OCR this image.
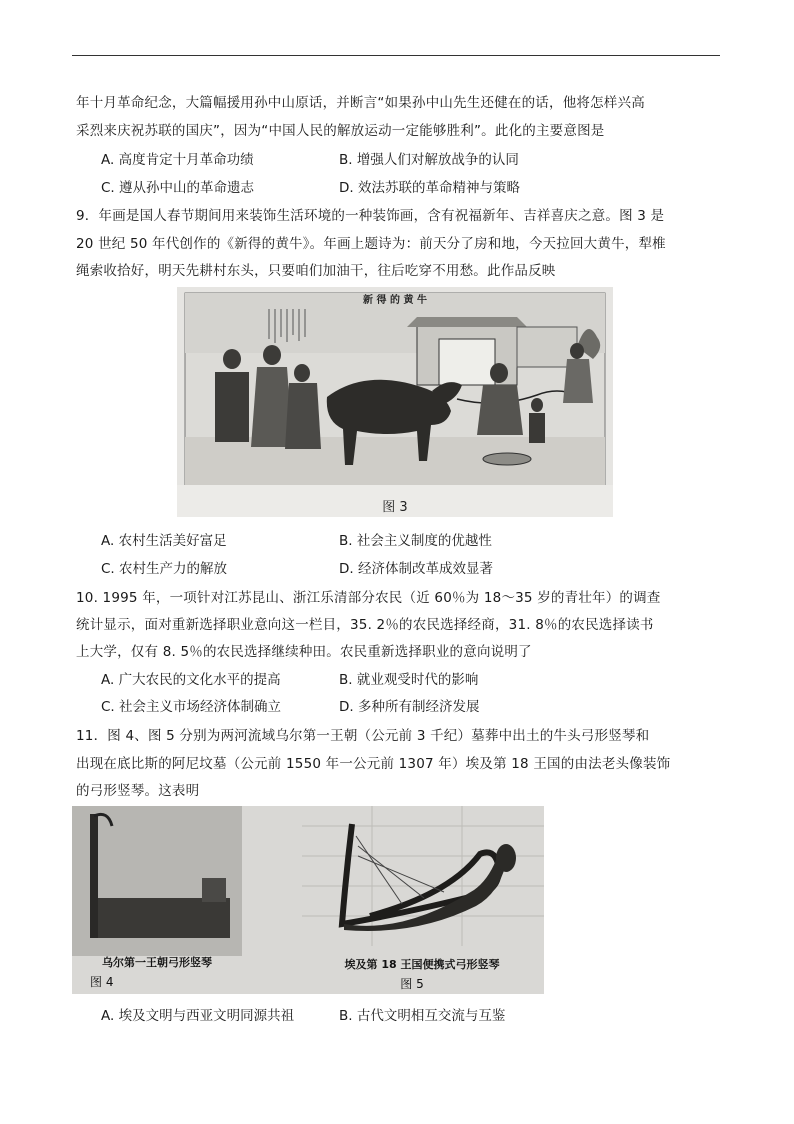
年十月革命纪念，大篇幅援用孙中山原话，并断言“如果孙中山先生还健在的话，他将怎样兴高
采烈来庆祝苏联的国庆”，因为“中国人民的解放运动一定能够胜利”。此化的主要意图是
A. 高度肯定十月革命功绩	B. 增强人们对解放战争的认同
C. 遵从孙中山的革命遗志	D. 效法苏联的革命精神与策略
9．年画是国人春节期间用来装饰生活环境的一种装饰画，含有祝福新年、吉祥喜庆之意。图 3 是
20 世纪 50 年代创作的《新得的黄牛》。年画上题诗为：前天分了房和地，今天拉回大黄牛，犁椎
绳索收拾好，明天先耕村东头，只要咱们加油干，往后吃穿不用愁。此作品反映
新 得 的 黄 牛
图 3
A. 农村生活美好富足	B. 社会主义制度的优越性
C. 农村生产力的解放	D. 经济体制改革成效显著
10. 1995 年，一项针对江苏昆山、浙江乐清部分农民（近 60％为 18～35 岁的青壮年）的调查
统计显示，面对重新选择职业意向这一栏目，35. 2％的农民选择经商，31. 8％的农民选择读书
上大学，仅有 8. 5％的农民选择继续种田。农民重新选择职业的意向说明了
A. 广大农民的文化水平的提高	B. 就业观受时代的影响
C. 社会主义市场经济体制确立	D. 多种所有制经济发展
11．图 4、图 5 分别为两河流域乌尔第一王朝（公元前 3 千纪）墓葬中出土的牛头弓形竖琴和
出现在底比斯的阿尼坟墓（公元前 1550 年一公元前 1307 年）埃及第 18 王国的由法老头像装饰
的弓形竖琴。这表明
乌尔第一王朝弓形竖琴
图 4
埃及第 18 王国便携式弓形竖琴
图 5
A. 埃及文明与西亚文明同源共祖	B. 古代文明相互交流与互鉴
